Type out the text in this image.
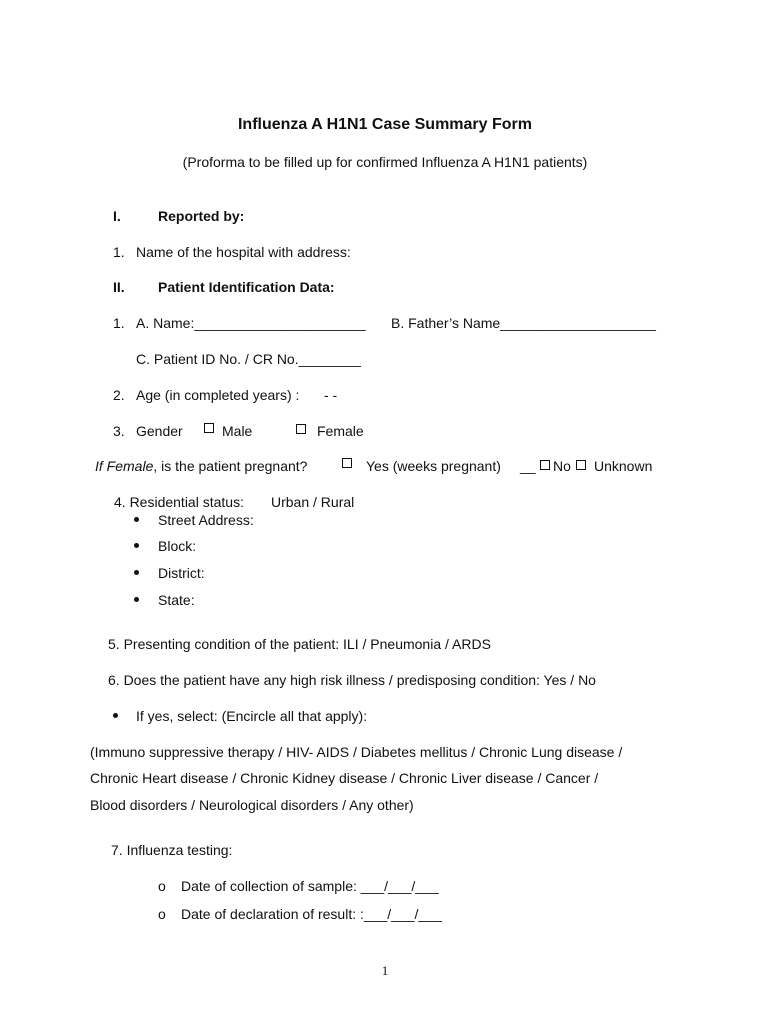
Influenza A H1N1 Case Summary Form
(Proforma to be filled up for confirmed Influenza A H1N1 patients)
I.	Reported by:
1. Name of the hospital with address:
II. Patient Identification Data:
1. A. Name:______________________ B. Father’s Name____________________
C. Patient ID No. / CR No.________
2. Age (in completed years) : - -
3. Gender	Male	Female
If Female, is the patient pregnant?	Yes (weeks pregnant) __ No Unknown
4. Residential status: Urban / Rural
Street Address:
Block:
District:
State:
5. Presenting condition of the patient: ILI / Pneumonia / ARDS
6. Does the patient have any high risk illness / predisposing condition: Yes / No
If yes, select: (Encircle all that apply):
(Immuno suppressive therapy / HIV- AIDS / Diabetes mellitus / Chronic Lung disease /
Chronic Heart disease / Chronic Kidney disease / Chronic Liver disease / Cancer /
Blood disorders / Neurological disorders / Any other)
7. Influenza testing:
o Date of collection of sample: ___/___/___
o Date of declaration of result: :___/___/___
1
